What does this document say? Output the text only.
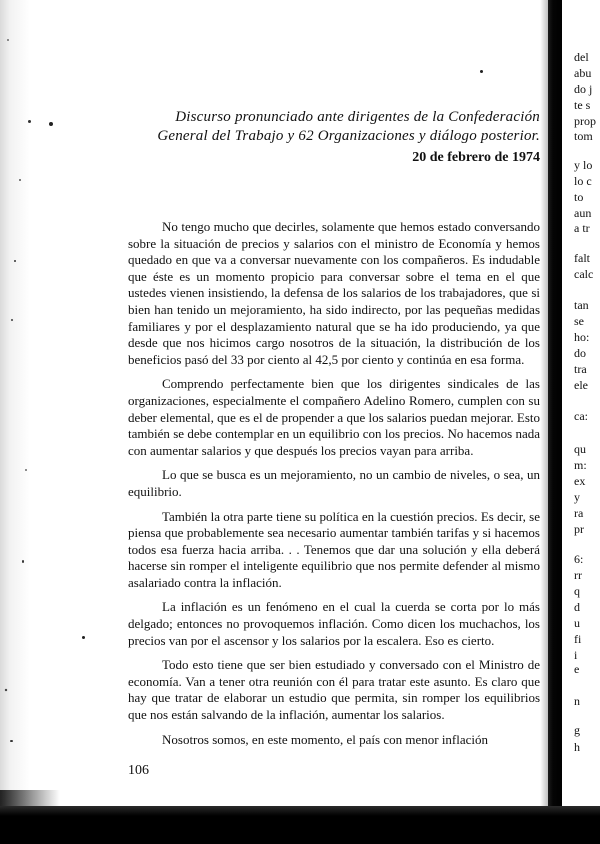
Discurso pronunciado ante dirigentes de la Confederación General del Trabajo y 62 Organizaciones y diálogo posterior.
20 de febrero de 1974

No tengo mucho que decirles, solamente que hemos estado conversando sobre la situación de precios y salarios con el ministro de Economía y hemos quedado en que va a conversar nuevamente con los compañeros. Es indudable que éste es un momento propicio para conversar sobre el tema en el que ustedes vienen insistiendo, la defensa de los salarios de los trabajadores, que si bien han tenido un mejoramiento, ha sido indirecto, por las pequeñas medidas familiares y por el desplazamiento natural que se ha ido produciendo, ya que desde que nos hicimos cargo nosotros de la situación, la distribución de los beneficios pasó del 33 por ciento al 42,5 por ciento y continúa en esa forma.

Comprendo perfectamente bien que los dirigentes sindicales de las organizaciones, especialmente el compañero Adelino Romero, cumplen con su deber elemental, que es el de propender a que los salarios puedan mejorar. Esto también se debe contemplar en un equilibrio con los precios. No hacemos nada con aumentar salarios y que después los precios vayan para arriba.

Lo que se busca es un mejoramiento, no un cambio de niveles, o sea, un equilibrio.

También la otra parte tiene su política en la cuestión precios. Es decir, se piensa que probablemente sea necesario aumentar también tarifas y si hacemos todos esa fuerza hacia arriba. . . Tenemos que dar una solución y ella deberá hacerse sin romper el inteligente equilibrio que nos permite defender al mismo asalariado contra la inflación.

La inflación es un fenómeno en el cual la cuerda se corta por lo más delgado; entonces no provoquemos inflación. Como dicen los muchachos, los precios van por el ascensor y los salarios por la escalera. Eso es cierto.

Todo esto tiene que ser bien estudiado y conversado con el Ministro de economía. Van a tener otra reunión con él para tratar este asunto. Es claro que hay que tratar de elaborar un estudio que permita, sin romper los equilibrios que nos están salvando de la inflación, aumentar los salarios.

Nosotros somos, en este momento, el país con menor inflación

106
del
abu
do j
te s
prop
tom
y lo
lo c
to
aun
a tr
falt
calc
tan
se
ho:
do
tra
ele
ca:
qu
m:
ex
y
ra
pr
6:
rr
q
d
u
fi
i
e
n
g
h
